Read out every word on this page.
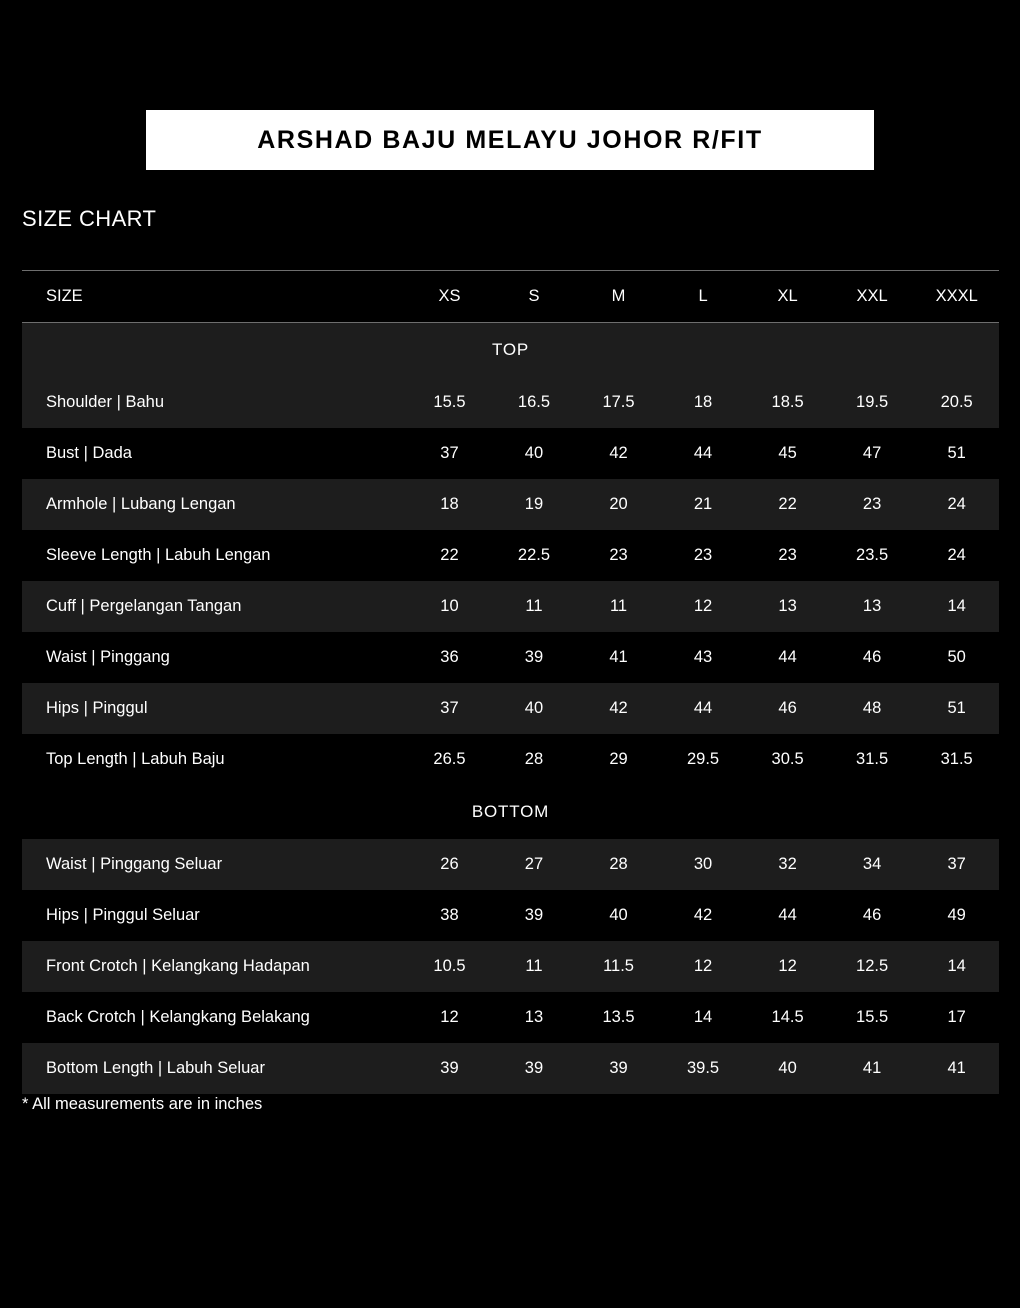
ARSHAD BAJU MELAYU JOHOR R/FIT
SIZE CHART
SIZE	XS	S	M	L	XL	XXL	XXXL
TOP							
Shoulder | Bahu	15.5	16.5	17.5	18	18.5	19.5	20.5
Bust | Dada	37	40	42	44	45	47	51
Armhole | Lubang Lengan	18	19	20	21	22	23	24
Sleeve Length | Labuh Lengan	22	22.5	23	23	23	23.5	24
Cuff | Pergelangan Tangan	10	11	11	12	13	13	14
Waist | Pinggang	36	39	41	43	44	46	50
Hips | Pinggul	37	40	42	44	46	48	51
Top Length | Labuh Baju	26.5	28	29	29.5	30.5	31.5	31.5
BOTTOM							
Waist | Pinggang Seluar	26	27	28	30	32	34	37
Hips | Pinggul Seluar	38	39	40	42	44	46	49
Front Crotch | Kelangkang Hadapan	10.5	11	11.5	12	12	12.5	14
Back Crotch | Kelangkang Belakang	12	13	13.5	14	14.5	15.5	17
Bottom Length | Labuh Seluar	39	39	39	39.5	40	41	41
* All measurements are in inches
